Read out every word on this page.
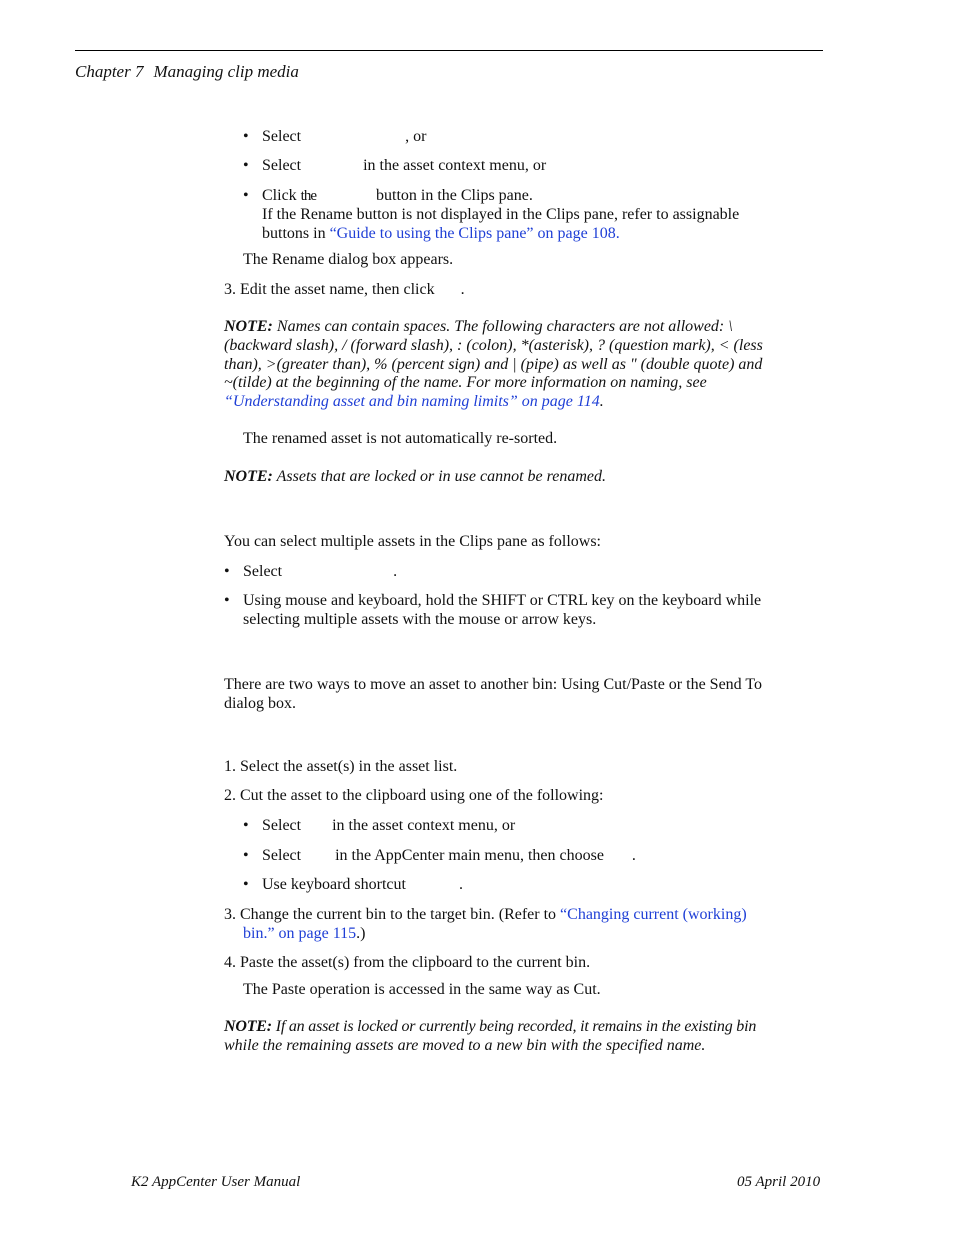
Chapter 7 Managing clip media
• Select	, or
• Select	in the asset context menu, or
• Click the	button in the Clips pane.
If the Rename button is not displayed in the Clips pane, refer to assignable
buttons in “Guide to using the Clips pane” on page 108.
The Rename dialog box appears.
3. Edit the asset name, then click .
NOTE: Names can contain spaces. The following characters are not allowed: \
(backward slash), / (forward slash), : (colon), *(asterisk), ? (question mark), < (less
than), >(greater than), % (percent sign) and | (pipe) as well as " (double quote) and
~(tilde) at the beginning of the name. For more information on naming, see
“Understanding asset and bin naming limits” on page 114.
The renamed asset is not automatically re-sorted.
NOTE: Assets that are locked or in use cannot be renamed.
You can select multiple assets in the Clips pane as follows:
• Select	.
• Using mouse and keyboard, hold the SHIFT or CTRL key on the keyboard while
selecting multiple assets with the mouse or arrow keys.
There are two ways to move an asset to another bin: Using Cut/Paste or the Send To
dialog box.
1. Select the asset(s) in the asset list.
2. Cut the asset to the clipboard using one of the following:
• Select in the asset context menu, or
• Select in the AppCenter main menu, then choose .
• Use keyboard shortcut	.
3. Change the current bin to the target bin. (Refer to “Changing current (working)
bin.” on page 115.)
4. Paste the asset(s) from the clipboard to the current bin.
The Paste operation is accessed in the same way as Cut.
NOTE: If an asset is locked or currently being recorded, it remains in the existing bin
while the remaining assets are moved to a new bin with the specified name.
K2 AppCenter User Manual	05 April 2010
